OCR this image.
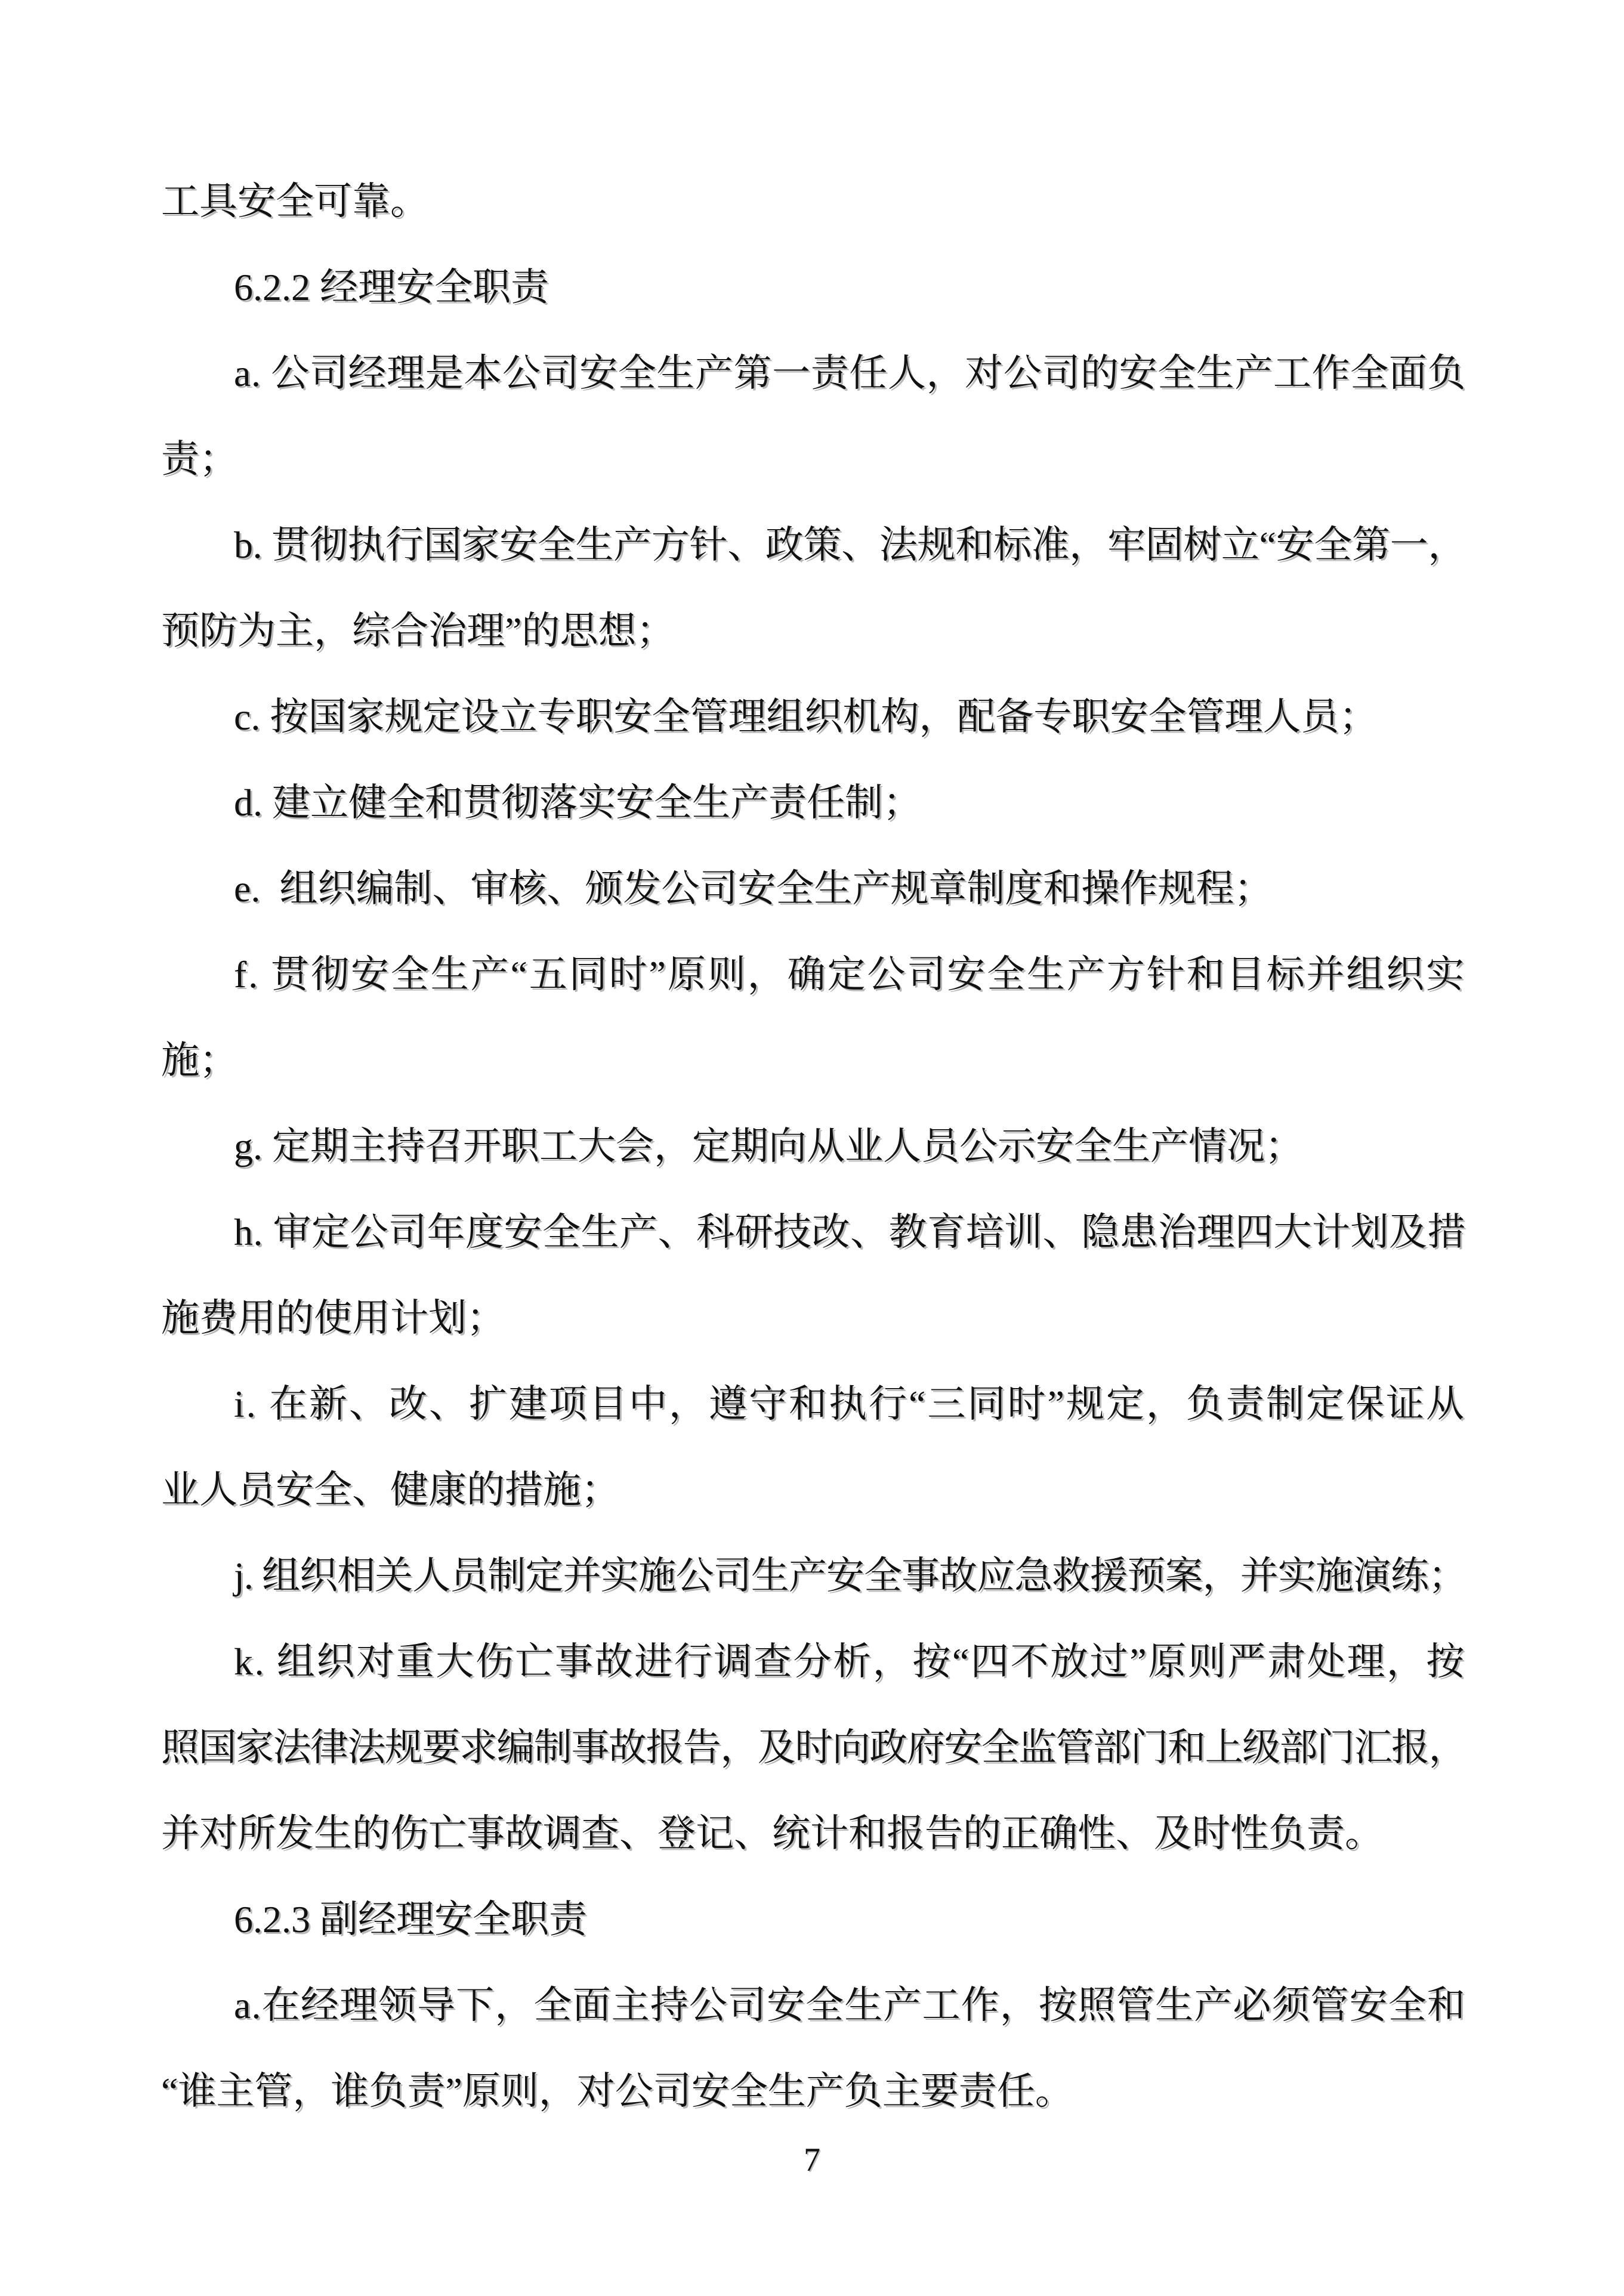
工具安全可靠。
6.2.2 经理安全职责
a. 公司经理是本公司安全生产第一责任人，对公司的安全生产工作全面负
责；
b. 贯彻执行国家安全生产方针、政策、法规和标准，牢固树立“安全第一，
预防为主，综合治理”的思想；
c. 按国家规定设立专职安全管理组织机构，配备专职安全管理人员；
d. 建立健全和贯彻落实安全生产责任制；
e.  组织编制、审核、颁发公司安全生产规章制度和操作规程；
f. 贯彻安全生产“五同时”原则，确定公司安全生产方针和目标并组织实
施；
g. 定期主持召开职工大会，定期向从业人员公示安全生产情况；
h. 审定公司年度安全生产、科研技改、教育培训、隐患治理四大计划及措
施费用的使用计划；
i. 在新、改、扩建项目中，遵守和执行“三同时”规定，负责制定保证从
业人员安全、健康的措施；
j. 组织相关人员制定并实施公司生产安全事故应急救援预案，并实施演练；
k. 组织对重大伤亡事故进行调查分析，按“四不放过”原则严肃处理，按
照国家法律法规要求编制事故报告，及时向政府安全监管部门和上级部门汇报，
并对所发生的伤亡事故调查、登记、统计和报告的正确性、及时性负责。
6.2.3 副经理安全职责
a.在经理领导下，全面主持公司安全生产工作，按照管生产必须管安全和
“谁主管，谁负责”原则，对公司安全生产负主要责任。
7
